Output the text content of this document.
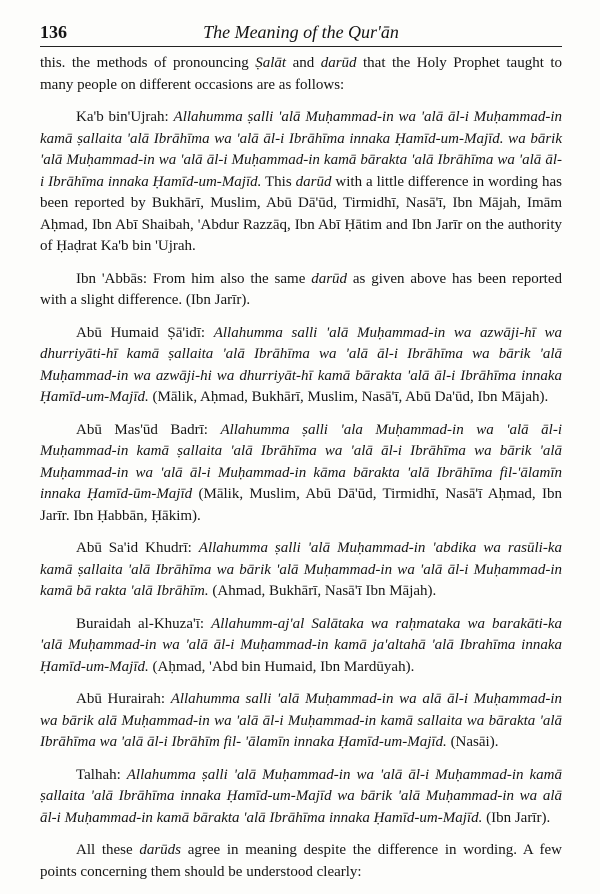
136	The Meaning of the Qur'ān

this. the methods of pronouncing Ṣalāt and darūd that the Holy Prophet taught to many people on different occasions are as follows:

Ka'b bin'Ujrah: Allahumma ṣalli 'alā Muḥammad-in wa 'alā āl-i Muḥammad-in kamā ṣallaita 'alā Ibrāhīma wa 'alā āl-i Ibrāhīma innaka Ḥamīd-um-Majīd. wa bārik 'alā Muḥammad-in wa 'alā āl-i Muḥammad-in kamā bārakta 'alā Ibrāhīma wa 'alā āl-i Ibrāhīma innaka Ḥamīd-um-Majīd. This darūd with a little difference in wording has been reported by Bukhārī, Muslim, Abū Dā'ūd, Tirmidhī, Nasā'ī, Ibn Mājah, Imām Aḥmad, Ibn Abī Shaibah, 'Abdur Razzāq, Ibn Abī Ḥātim and Ibn Jarīr on the authority of Ḥaḍrat Ka'b bin 'Ujrah.

Ibn 'Abbās: From him also the same darūd as given above has been reported with a slight difference. (Ibn Jarīr).

Abū Humaid Ṣā'idī: Allahumma salli 'alā Muḥammad-in wa azwāji-hī wa dhurriyāti-hī kamā ṣallaita 'alā Ibrāhīma wa 'alā āl-i Ibrāhīma wa bārik 'alā Muḥammad-in wa azwāji-hi wa dhurriyāt-hī kamā bārakta 'alā āl-i Ibrāhīma innaka Ḥamīd-um-Majīd. (Mālik, Aḥmad, Bukhārī, Muslim, Nasā'ī, Abū Da'ūd, Ibn Mājah).

Abū Mas'ūd Badrī: Allahumma ṣalli 'ala Muḥammad-in wa 'alā āl-i Muḥammad-in kamā ṣallaita 'alā Ibrāhīma wa 'alā āl-i Ibrāhīma wa bārik 'alā Muḥammad-in wa 'alā āl-i Muḥammad-in kāma bārakta 'alā Ibrāhīma fil-'ālamīn innaka Ḥamīd-ūm-Majīd (Mālik, Muslim, Abū Dā'ūd, Tirmidhī, Nasā'ī Aḥmad, Ibn Jarīr. Ibn Ḥabbān, Ḥākim).

Abū Sa'id Khudrī: Allahumma ṣalli 'alā Muḥammad-in 'abdika wa rasūli-ka kamā ṣallaita 'alā Ibrāhīma wa bārik 'alā Muḥammad-in wa 'alā āl-i Muḥammad-in kamā bā rakta 'alā Ibrāhīm. (Ahmad, Bukhārī, Nasā'ī Ibn Mājah).

Buraidah al-Khuza'ī: Allahumm-aj'al Salātaka wa raḥmataka wa barakāti-ka 'alā Muḥammad-in wa 'alā āl-i Muḥammad-in kamā ja'altahā 'alā Ibrahīma innaka Ḥamīd-um-Majīd. (Aḥmad, 'Abd bin Humaid, Ibn Mardūyah).

Abū Hurairah: Allahumma salli 'alā Muḥammad-in wa alā āl-i Muḥammad-in wa bārik alā Muḥammad-in wa 'alā āl-i Muḥammad-in kamā sallaita wa bārakta 'alā Ibrāhīma wa 'alā āl-i Ibrāhīm fil- 'ālamīn innaka Ḥamīd-um-Majīd. (Nasāi).

Talhah: Allahumma ṣalli 'alā Muḥammad-in wa 'alā āl-i Muḥammad-in kamā ṣallaita 'alā Ibrāhīma innaka Ḥamīd-um-Majīd wa bārik 'alā Muḥammad-in wa alā āl-i Muḥammad-in kamā bārakta 'alā Ibrāhīma innaka Ḥamīd-um-Majīd. (Ibn Jarīr).

All these darūds agree in meaning despite the difference in wording. A few points concerning them should be understood clearly:
